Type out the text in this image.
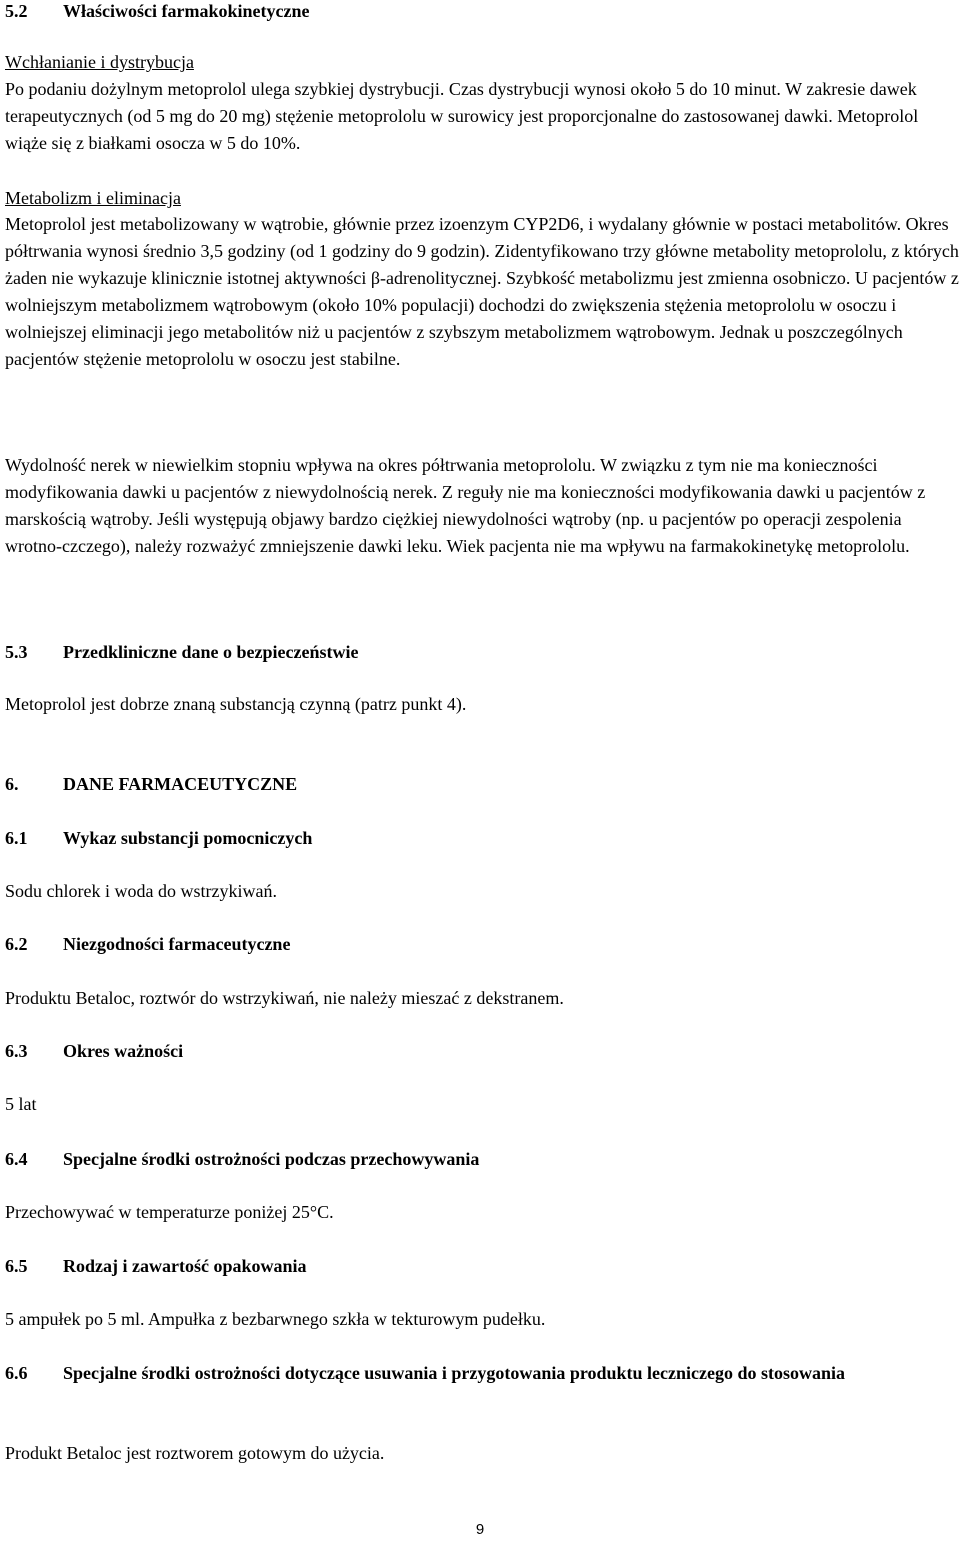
5.2 Właściwości farmakokinetyczne
Wchłanianie i dystrybucja

Po podaniu dożylnym metoprolol ulega szybkiej dystrybucji. Czas dystrybucji wynosi około 5 do 10 minut. W zakresie dawek terapeutycznych (od 5 mg do 20 mg) stężenie metoprololu w surowicy jest proporcjonalne do zastosowanej dawki. Metoprolol wiąże się z białkami osocza w 5 do 10%.

Metabolizm i eliminacja

Metoprolol jest metabolizowany w wątrobie, głównie przez izoenzym CYP2D6, i wydalany głównie w postaci metabolitów. Okres półtrwania wynosi średnio 3,5 godziny (od 1 godziny do 9 godzin). Zidentyfikowano trzy główne metabolity metoprololu, z których żaden nie wykazuje klinicznie istotnej aktywności β-adrenolitycznej. Szybkość metabolizmu jest zmienna osobniczo. U pacjentów z wolniejszym metabolizmem wątrobowym (około 10% populacji) dochodzi do zwiększenia stężenia metoprololu w osoczu i wolniejszej eliminacji jego metabolitów niż u pacjentów z szybszym metabolizmem wątrobowym. Jednak u poszczególnych pacjentów stężenie metoprololu w osoczu jest stabilne.

Wydolność nerek w niewielkim stopniu wpływa na okres półtrwania metoprololu. W związku z tym nie ma konieczności modyfikowania dawki u pacjentów z niewydolnością nerek. Z reguły nie ma konieczności modyfikowania dawki u pacjentów z marskością wątroby. Jeśli występują objawy bardzo ciężkiej niewydolności wątroby (np. u pacjentów po operacji zespolenia wrotno-czczego), należy rozważyć zmniejszenie dawki leku. Wiek pacjenta nie ma wpływu na farmakokinetykę metoprololu.

5.3 Przedkliniczne dane o bezpieczeństwie

Metoprolol jest dobrze znaną substancją czynną (patrz punkt 4).

6. DANE FARMACEUTYCZNE
6.1 Wykaz substancji pomocniczych

Sodu chlorek i woda do wstrzykiwań.

6.2 Niezgodności farmaceutyczne

Produktu Betaloc, roztwór do wstrzykiwań, nie należy mieszać z dekstranem.

6.3 Okres ważności

5 lat

6.4 Specjalne środki ostrożności podczas przechowywania

Przechowywać w temperaturze poniżej 25°C.

6.5 Rodzaj i zawartość opakowania

5 ampułek po 5 ml. Ampułka z bezbarwnego szkła w tekturowym pudełku.

6.6	Specjalne środki ostrożności dotyczące usuwania i przygotowania produktu leczniczego do stosowania

Produkt Betaloc jest roztworem gotowym do użycia.

9
